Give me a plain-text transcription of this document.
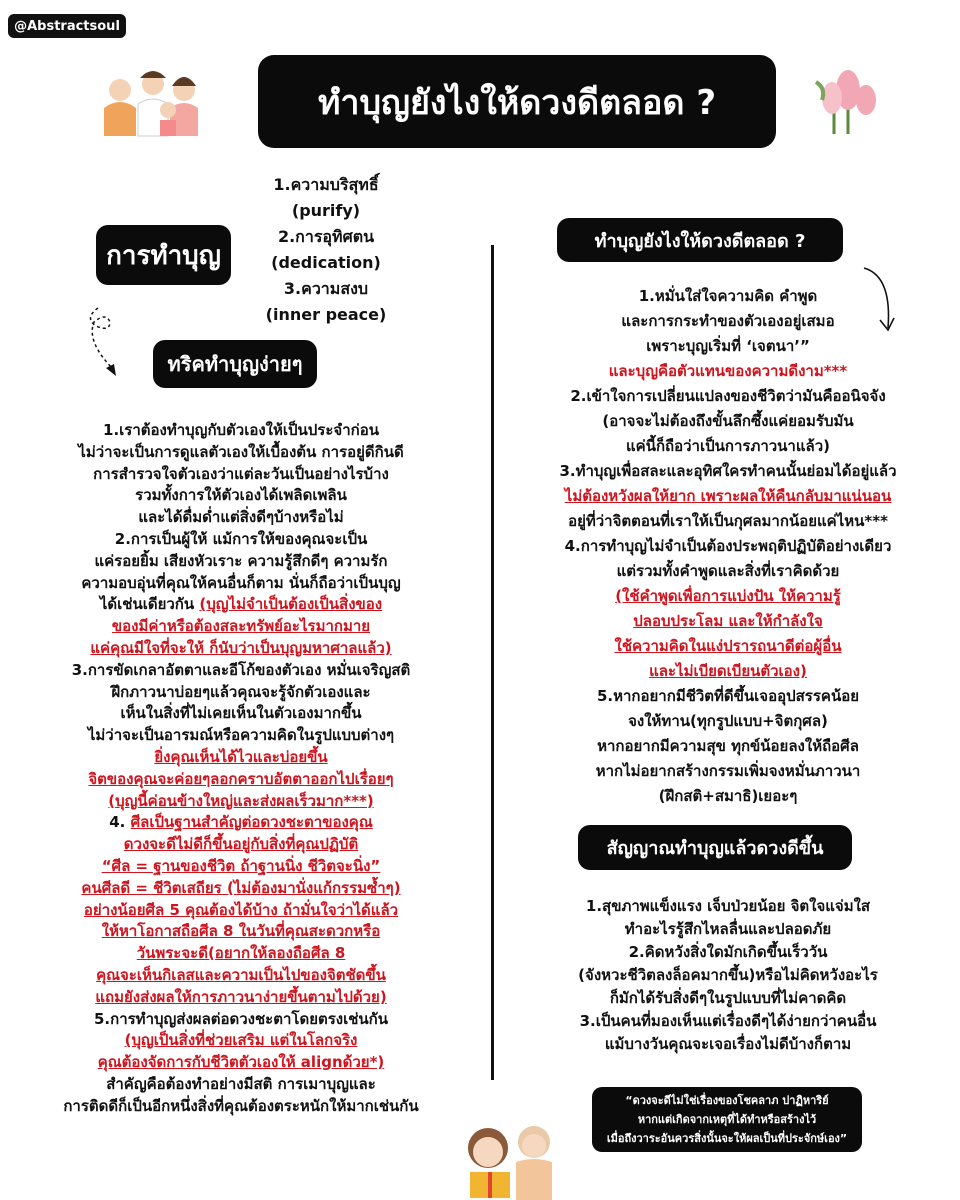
@Abstractsoul
ทำบุญยังไงให้ดวงดีตลอด ?
1.ความบริสุทธิ์
(purify)
2.การอุทิศตน
(dedication)
3.ความสงบ
(inner peace)
การทำบุญ
ทริคทำบุญง่ายๆ
1.เราต้องทำบุญกับตัวเองให้เป็นประจำก่อน
ไม่ว่าจะเป็นการดูแลตัวเองให้เบื้องต้น การอยู่ดีกินดี
การสำรวจใจตัวเองว่าแต่ละวันเป็นอย่างไรบ้าง
รวมทั้งการให้ตัวเองได้เพลิดเพลิน
และได้ดื่มด่ำแต่สิ่งดีๆบ้างหรือไม่
2.การเป็นผู้ให้ แม้การให้ของคุณจะเป็น
แค่รอยยิ้ม เสียงหัวเราะ ความรู้สึกดีๆ ความรัก
ความอบอุ่นที่คุณให้คนอื่นก็ตาม นั่นก็ถือว่าเป็นบุญ
ได้เช่นเดียวกัน (บุญไม่จำเป็นต้องเป็นสิ่งของ
ของมีค่าหรือต้องสละทรัพย์อะไรมากมาย
แค่คุณมีใจที่จะให้ ก็นับว่าเป็นบุญมหาศาลแล้ว)
3.การขัดเกลาอัตตาและอีโก้ของตัวเอง หมั่นเจริญสติ
ฝึกภาวนาบ่อยๆแล้วคุณจะรู้จักตัวเองและ
เห็นในสิ่งที่ไม่เคยเห็นในตัวเองมากขึ้น
ไม่ว่าจะเป็นอารมณ์หรือความคิดในรูปแบบต่างๆ
ยิ่งคุณเห็นได้ไวและบ่อยขึ้น
จิตของคุณจะค่อยๆลอกคราบอัตตาออกไปเรื่อยๆ
(บุญนี้ค่อนข้างใหญ่และส่งผลเร็วมาก***)
4. ศีลเป็นฐานสำคัญต่อดวงชะตาของคุณ
ดวงจะดีไม่ดีก็ขึ้นอยู่กับสิ่งที่คุณปฏิบัติ
“ศีล = ฐานของชีวิต ถ้าฐานนิ่ง ชีวิตจะนิ่ง”
คนศีลดี = ชีวิตเสถียร (ไม่ต้องมานั่งแก้กรรมซ้ำๆ)
อย่างน้อยศีล 5 คุณต้องได้บ้าง ถ้ามั่นใจว่าได้แล้ว
ให้หาโอกาสถือศีล 8 ในวันที่คุณสะดวกหรือ
วันพระจะดี(อยากให้ลองถือศีล 8
คุณจะเห็นกิเลสและความเป็นไปของจิตชัดขึ้น
แถมยังส่งผลให้การภาวนาง่ายขึ้นตามไปด้วย)
5.การทำบุญส่งผลต่อดวงชะตาโดยตรงเช่นกัน
(บุญเป็นสิ่งที่ช่วยเสริม แต่ในโลกจริง
คุณต้องจัดการกับชีวิตตัวเองให้ alignด้วย*)
สำคัญคือต้องทำอย่างมีสติ การเมาบุญและ
การติดดีก็เป็นอีกหนึ่งสิ่งที่คุณต้องตระหนักให้มากเช่นกัน
ทำบุญยังไงให้ดวงดีตลอด ?
1.หมั่นใส่ใจความคิด คำพูด
และการกระทำของตัวเองอยู่เสมอ
เพราะบุญเริ่มที่ ‘เจตนา’”
และบุญคือตัวแทนของความดีงาม***
2.เข้าใจการเปลี่ยนแปลงของชีวิตว่ามันคืออนิจจัง
(อาจจะไม่ต้องถึงขั้นลึกซึ้งแค่ยอมรับมัน
แค่นี้ก็ถือว่าเป็นการภาวนาแล้ว)
3.ทำบุญเพื่อสละและอุทิศใครทำคนนั้นย่อมได้อยู่แล้ว
ไม่ต้องหวังผลให้ยาก เพราะผลให้คืนกลับมาแน่นอน
อยู่ที่ว่าจิตตอนที่เราให้เป็นกุศลมากน้อยแค่ไหน***
4.การทำบุญไม่จำเป็นต้องประพฤติปฏิบัติอย่างเดียว
แต่รวมทั้งคำพูดและสิ่งที่เราคิดด้วย
(ใช้คำพูดเพื่อการแบ่งปัน ให้ความรู้
ปลอบประโลม และให้กำลังใจ
ใช้ความคิดในแง่ปรารถนาดีต่อผู้อื่น
และไม่เบียดเบียนตัวเอง)
5.หากอยากมีชีวิตที่ดีขึ้นเจออุปสรรคน้อย
จงให้ทาน(ทุกรูปแบบ+จิตกุศล)
หากอยากมีความสุข ทุกข์น้อยลงให้ถือศีล
หากไม่อยากสร้างกรรมเพิ่มจงหมั่นภาวนา
(ฝึกสติ+สมาธิ)เยอะๆ
สัญญาณทำบุญแล้วดวงดีขึ้น
1.สุขภาพแข็งแรง เจ็บป่วยน้อย จิตใจแจ่มใส
ทำอะไรรู้สึกไหลลื่นและปลอดภัย
2.คิดหวังสิ่งใดมักเกิดขึ้นเร็ววัน
(จังหวะชีวิตลงล็อคมากขึ้น)หรือไม่คิดหวังอะไร
ก็มักได้รับสิ่งดีๆในรูปแบบที่ไม่คาดคิด
3.เป็นคนที่มองเห็นแต่เรื่องดีๆได้ง่ายกว่าคนอื่น
แม้บางวันคุณจะเจอเรื่องไม่ดีบ้างก็ตาม
“ดวงจะดีไม่ใช่เรื่องของโชคลาภ ปาฏิหาริย์
หากแต่เกิดจากเหตุที่ได้ทำหรือสร้างไว้
เมื่อถึงวาระอันควรสิ่งนั้นจะให้ผลเป็นที่ประจักษ์เอง”
